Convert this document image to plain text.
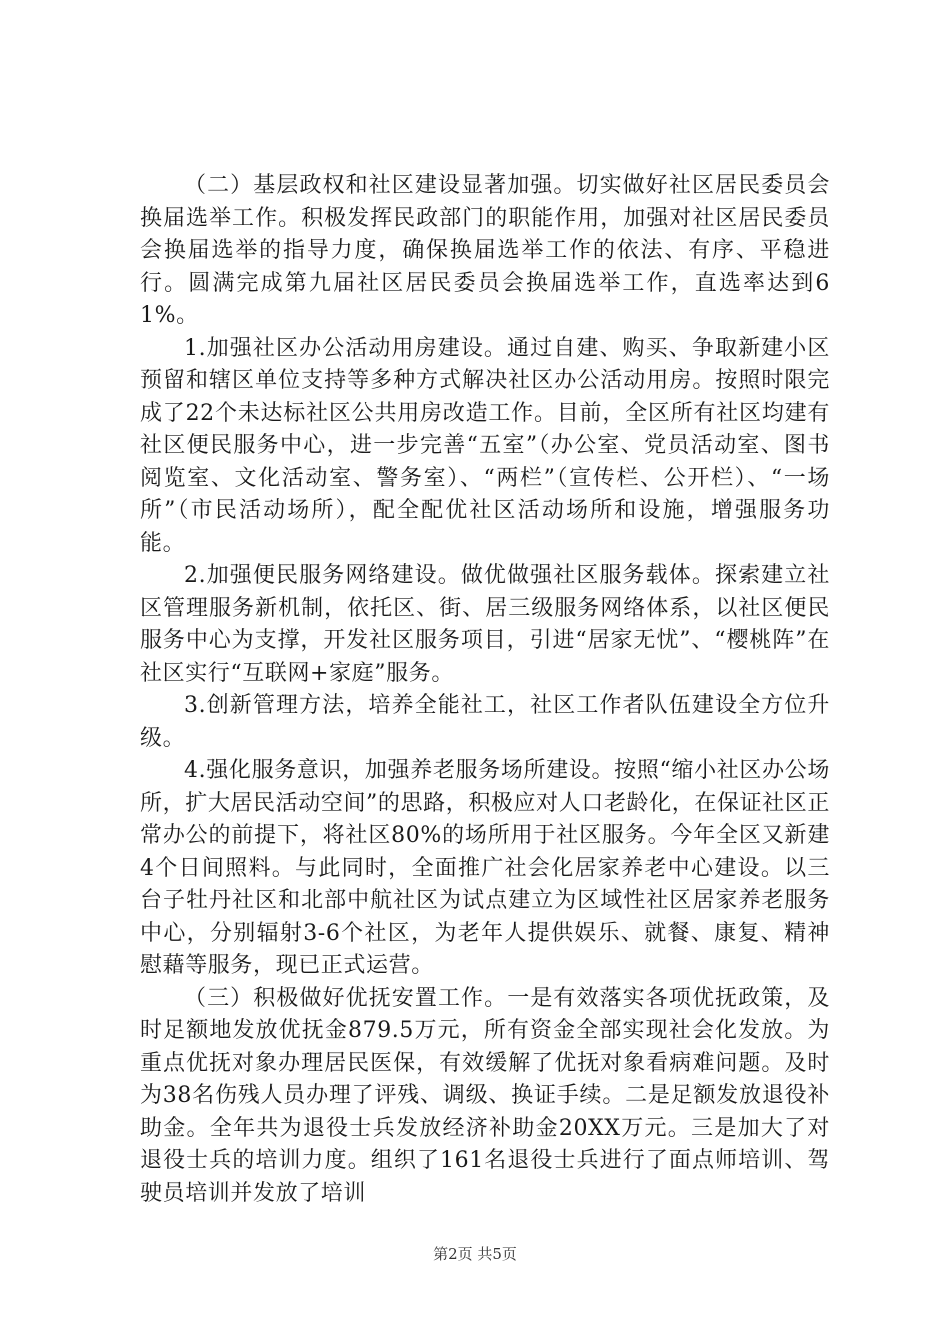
（二）基层政权和社区建设显著加强。切实做好社区居民委员会换届选举工作。积极发挥民政部门的职能作用，加强对社区居民委员会换届选举的指导力度，确保换届选举工作的依法、有序、平稳进行。圆满完成第九届社区居民委员会换届选举工作，直选率达到61%。

1.加强社区办公活动用房建设。通过自建、购买、争取新建小区预留和辖区单位支持等多种方式解决社区办公活动用房。按照时限完成了22个未达标社区公共用房改造工作。目前，全区所有社区均建有社区便民服务中心，进一步完善“五室”（办公室、党员活动室、图书阅览室、文化活动室、警务室）、“两栏”（宣传栏、公开栏）、“一场所”（市民活动场所），配全配优社区活动场所和设施，增强服务功能。

2.加强便民服务网络建设。做优做强社区服务载体。探索建立社区管理服务新机制，依托区、街、居三级服务网络体系，以社区便民服务中心为支撑，开发社区服务项目，引进“居家无忧”、“樱桃阵”在社区实行“互联网+家庭”服务。

3.创新管理方法，培养全能社工，社区工作者队伍建设全方位升级。

4.强化服务意识，加强养老服务场所建设。按照“缩小社区办公场所，扩大居民活动空间”的思路，积极应对人口老龄化，在保证社区正常办公的前提下，将社区80%的场所用于社区服务。今年全区又新建4个日间照料。与此同时，全面推广社会化居家养老中心建设。以三台子牡丹社区和北部中航社区为试点建立为区域性社区居家养老服务中心，分别辐射3-6个社区，为老年人提供娱乐、就餐、康复、精神慰藉等服务，现已正式运营。

（三）积极做好优抚安置工作。一是有效落实各项优抚政策，及时足额地发放优抚金879.5万元，所有资金全部实现社会化发放。为重点优抚对象办理居民医保，有效缓解了优抚对象看病难问题。及时为38名伤残人员办理了评残、调级、换证手续。二是足额发放退役补助金。全年共为退役士兵发放经济补助金20XX万元。三是加大了对退役士兵的培训力度。组织了161名退役士兵进行了面点师培训、驾驶员培训并发放了培训

第2页 共5页
